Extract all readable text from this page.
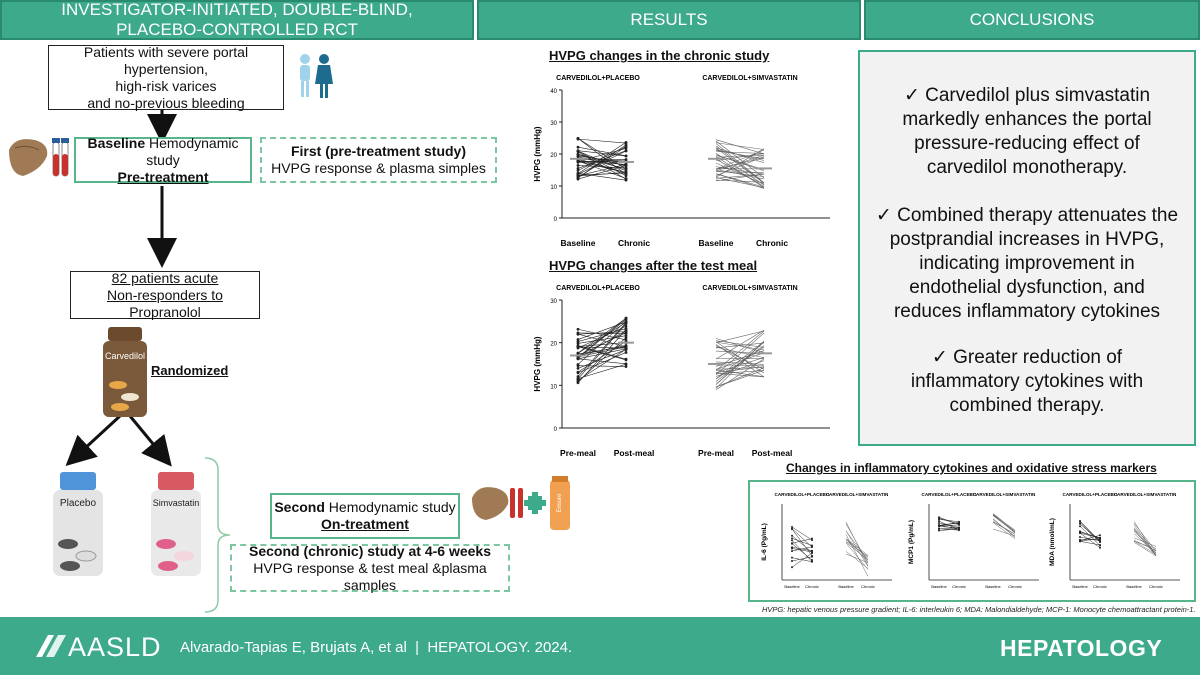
INVESTIGATOR-INITIATED, DOUBLE-BLIND, PLACEBO-CONTROLLED RCT
RESULTS	CONCLUSIONS
Patients with severe portal hypertension,
high-risk varices
and no-previous bleeding
Baseline Hemodynamic study
Pre-treatment
First (pre-treatment study)
HVPG response & plasma simples
82 patients acute
Non-responders to Propranolol
Carvedilol
Randomized
Placebo	Simvastatin	Second Hemodynamic study
On-treatment
Ensure
Second (chronic) study at 4-6 weeks
HVPG response & test meal &plasma samples
HVPG changes in the chronic study
HVPG changes after the test meal
0
10
20
30
40
HVPG (mmHg)
CARVEDILOL+PLACEBO
Baseline	Chronic
CARVEDILOL+SIMVASTATIN
Baseline	Chronic
0
10
20
30
HVPG (mmHg)
CARVEDILOL+PLACEBO
Pre-meal Post-meal
CARVEDILOL+SIMVASTATIN
Pre-meal Post-meal
✓ Carvedilol plus simvastatin markedly enhances the portal pressure-reducing effect of carvedilol monotherapy.
✓ Combined therapy attenuates the postprandial increases in HVPG, indicating improvement in endothelial dysfunction, and reduces inflammatory cytokines
✓ Greater reduction of inflammatory cytokines with combined therapy.
Changes in inflammatory cytokines and oxidative stress markers
IL-6 (Pg/mL)
CARVEDILOL+PLACEBO
Baseline Chronic
CARVEDILOL+SIMVASTATIN
Baseline Chronic
MCP1 (Pg/mL)
CARVEDILOL+PLACEBO
Baseline Chronic
CARVEDILOL+SIMVASTATIN
Baseline Chronic
MDA (nmol/mL)
CARVEDILOL+PLACEBO
Baseline Chronic
CARVEDILOL+SIMVASTATIN
Baseline Chronic
HVPG: hepatic venous pressure gradient; IL-6: interleukin 6; MDA: Malondialdehyde; MCP-1: Monocyte chemoattractant protein-1.
AASLD Alvarado-Tapias E, Brujats A, et al  |  HEPATOLOGY. 2024.	HEPATOLOGY
